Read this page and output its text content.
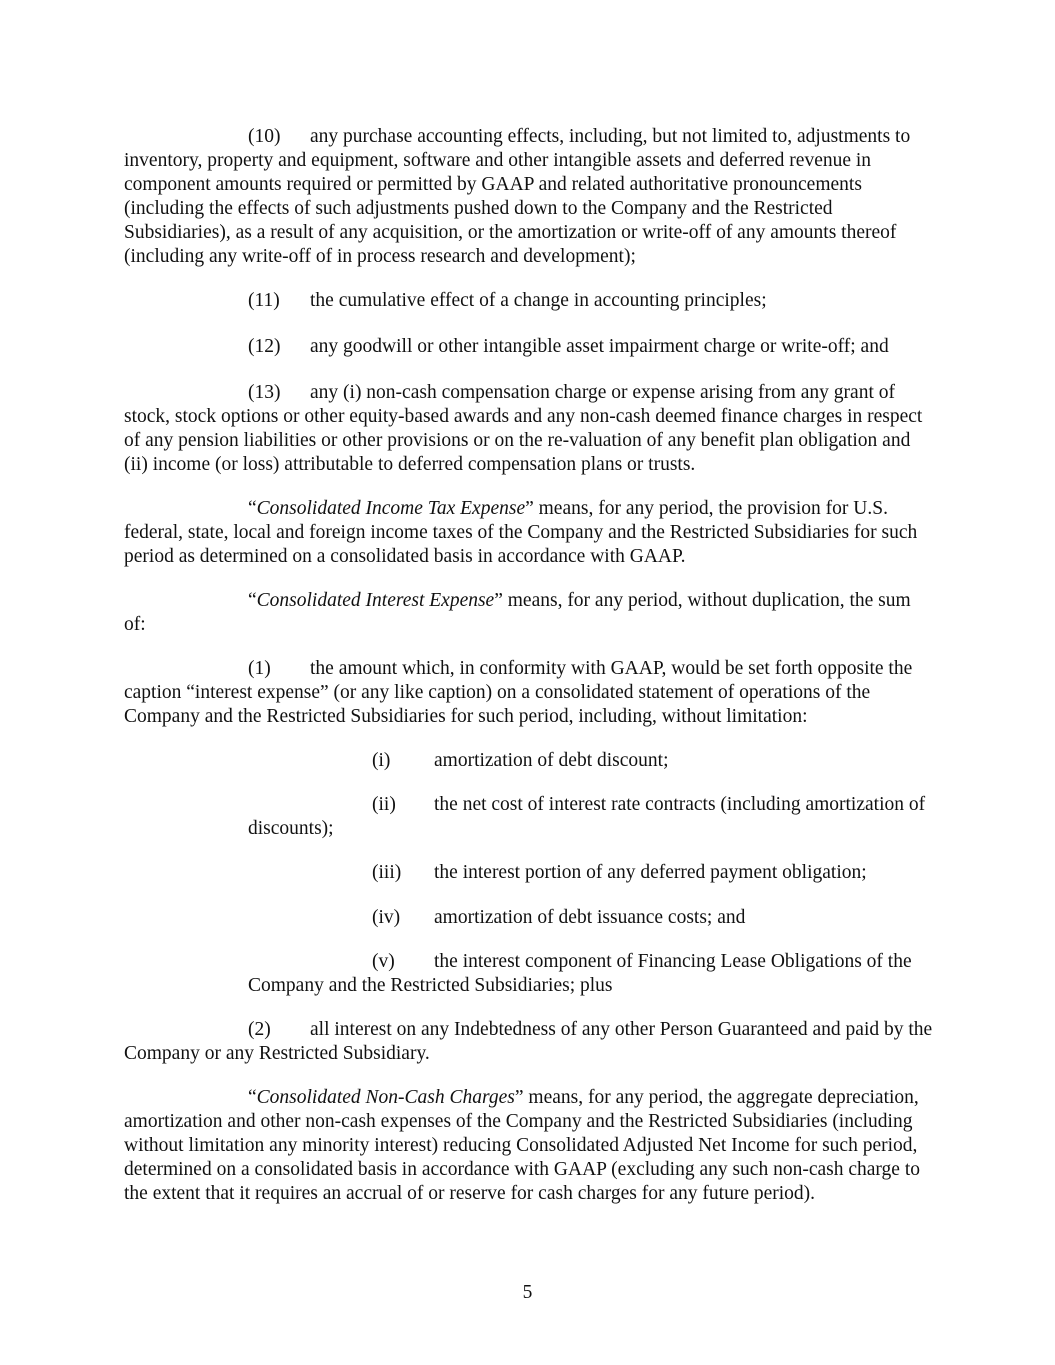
(10) any purchase accounting effects, including, but not limited to, adjustments to inventory, property and equipment, software and other intangible assets and deferred revenue in component amounts required or permitted by GAAP and related authoritative pronouncements (including the effects of such adjustments pushed down to the Company and the Restricted Subsidiaries), as a result of any acquisition, or the amortization or write-off of any amounts thereof (including any write-off of in process research and development);

(11) the cumulative effect of a change in accounting principles;

(12) any goodwill or other intangible asset impairment charge or write‑off; and

(13) any (i) non-cash compensation charge or expense arising from any grant of stock, stock options or other equity-based awards and any non-cash deemed finance charges in respect of any pension liabilities or other provisions or on the re-valuation of any benefit plan obligation and (ii) income (or loss) attributable to deferred compensation plans or trusts.

“Consolidated Income Tax Expense” means, for any period, the provision for U.S. federal, state, local and foreign income taxes of the Company and the Restricted Subsidiaries for such period as determined on a consolidated basis in accordance with GAAP.

“Consolidated Interest Expense” means, for any period, without duplication, the sum of:

(1) the amount which, in conformity with GAAP, would be set forth opposite the caption “interest expense” (or any like caption) on a consolidated statement of operations of the Company and the Restricted Subsidiaries for such period, including, without limitation:

(i) amortization of debt discount;

(ii) the net cost of interest rate contracts (including amortization of discounts);

(iii) the interest portion of any deferred payment obligation;

(iv) amortization of debt issuance costs; and

(v) the interest component of Financing Lease Obligations of the Company and the Restricted Subsidiaries; plus

(2) all interest on any Indebtedness of any other Person Guaranteed and paid by the Company or any Restricted Subsidiary.

“Consolidated Non-Cash Charges” means, for any period, the aggregate depreciation, amortization and other non-cash expenses of the Company and the Restricted Subsidiaries (including without limitation any minority interest) reducing Consolidated Adjusted Net Income for such period, determined on a consolidated basis in accordance with GAAP (excluding any such non-cash charge to the extent that it requires an accrual of or reserve for cash charges for any future period).

5
